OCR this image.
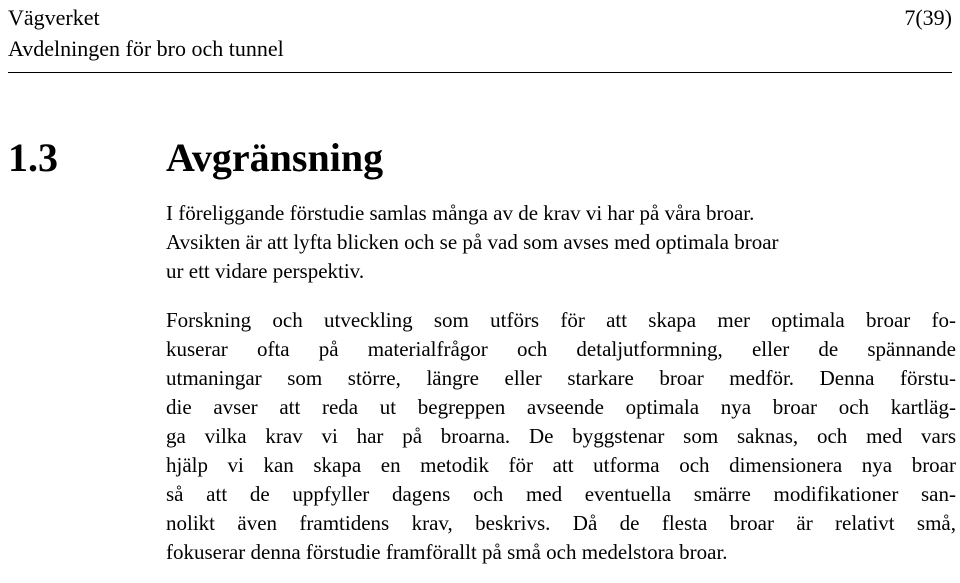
Vägverket
Avdelningen för bro och tunnel
7(39)
1.3	Avgränsning
I föreliggande förstudie samlas många av de krav vi har på våra broar.
Avsikten är att lyfta blicken och se på vad som avses med optimala broar
ur ett vidare perspektiv.
Forskning och utveckling som utförs för att skapa mer optimala broar fo-
kuserar ofta på materialfrågor och detaljutformning, eller de spännande
utmaningar som större, längre eller starkare broar medför. Denna förstu-
die avser att reda ut begreppen avseende optimala nya broar och kartläg-
ga vilka krav vi har på broarna. De byggstenar som saknas, och med vars
hjälp vi kan skapa en metodik för att utforma och dimensionera nya broar
så att de uppfyller dagens och med eventuella smärre modifikationer san-
nolikt även framtidens krav, beskrivs. Då de flesta broar är relativt små,
fokuserar denna förstudie framförallt på små och medelstora broar.
